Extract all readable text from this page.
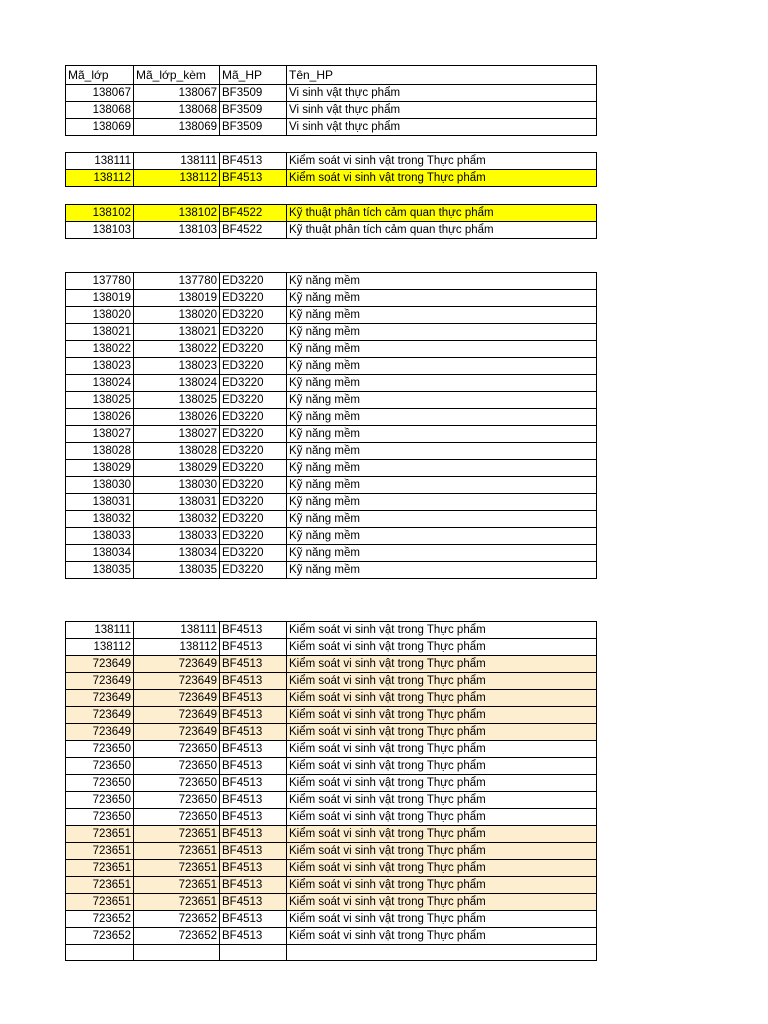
Mã_lớp	Mã_lớp_kèm	Mã_HP	Tên_HP
138067	138067	BF3509	Vi sinh vật thực phẩm
138068	138068	BF3509	Vi sinh vật thực phẩm
138069	138069	BF3509	Vi sinh vật thực phẩm
138111	138111	BF4513	Kiểm soát vi sinh vật trong Thực phẩm
138112	138112	BF4513	Kiểm soát vi sinh vật trong Thực phẩm
138102	138102	BF4522	Kỹ thuật phân tích cảm quan thực phẩm
138103	138103	BF4522	Kỹ thuật phân tích cảm quan thực phẩm
137780	137780	ED3220	Kỹ năng mềm
138019	138019	ED3220	Kỹ năng mềm
138020	138020	ED3220	Kỹ năng mềm
138021	138021	ED3220	Kỹ năng mềm
138022	138022	ED3220	Kỹ năng mềm
138023	138023	ED3220	Kỹ năng mềm
138024	138024	ED3220	Kỹ năng mềm
138025	138025	ED3220	Kỹ năng mềm
138026	138026	ED3220	Kỹ năng mềm
138027	138027	ED3220	Kỹ năng mềm
138028	138028	ED3220	Kỹ năng mềm
138029	138029	ED3220	Kỹ năng mềm
138030	138030	ED3220	Kỹ năng mềm
138031	138031	ED3220	Kỹ năng mềm
138032	138032	ED3220	Kỹ năng mềm
138033	138033	ED3220	Kỹ năng mềm
138034	138034	ED3220	Kỹ năng mềm
138035	138035	ED3220	Kỹ năng mềm
138111	138111	BF4513	Kiểm soát vi sinh vật trong Thực phẩm
138112	138112	BF4513	Kiểm soát vi sinh vật trong Thực phẩm
723649	723649	BF4513	Kiểm soát vi sinh vật trong Thực phẩm
723649	723649	BF4513	Kiểm soát vi sinh vật trong Thực phẩm
723649	723649	BF4513	Kiểm soát vi sinh vật trong Thực phẩm
723649	723649	BF4513	Kiểm soát vi sinh vật trong Thực phẩm
723649	723649	BF4513	Kiểm soát vi sinh vật trong Thực phẩm
723650	723650	BF4513	Kiểm soát vi sinh vật trong Thực phẩm
723650	723650	BF4513	Kiểm soát vi sinh vật trong Thực phẩm
723650	723650	BF4513	Kiểm soát vi sinh vật trong Thực phẩm
723650	723650	BF4513	Kiểm soát vi sinh vật trong Thực phẩm
723650	723650	BF4513	Kiểm soát vi sinh vật trong Thực phẩm
723651	723651	BF4513	Kiểm soát vi sinh vật trong Thực phẩm
723651	723651	BF4513	Kiểm soát vi sinh vật trong Thực phẩm
723651	723651	BF4513	Kiểm soát vi sinh vật trong Thực phẩm
723651	723651	BF4513	Kiểm soát vi sinh vật trong Thực phẩm
723651	723651	BF4513	Kiểm soát vi sinh vật trong Thực phẩm
723652	723652	BF4513	Kiểm soát vi sinh vật trong Thực phẩm
723652	723652	BF4513	Kiểm soát vi sinh vật trong Thực phẩm
